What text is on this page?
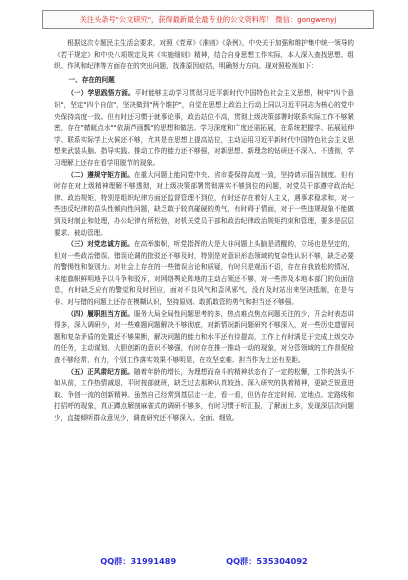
关注头条号"公文研究"，获得最新最全最专业的公文资料库！ 微信：gongwenyj

根据这次专题民主生活会要求，对照《党章》《准则》《条例》，中央关于加强和维护集中统一领导的《若干规定》和中央八项规定及其《实施细则》精神，结合自身思想工作实际，本人深入查找思想、组织、作风和纪律等方面存在的突出问题，找准原因症结，明确努力方向。现对照检视如下：

一、存在的问题

（一）学思践悟方面。平时能够主动学习贯彻习近平新时代中国特色社会主义思想，树牢"四个意识"，坚定"四个自信"，坚决做到"两个维护"，自觉在思想上政治上行动上同以习近平同志为核心的党中央保持高度一致。但有时还习惯于就事论事，政治站位不高，贯彻上级决策部署时联系实际工作不够紧密，存在"蜻蜓点水""依葫芦画瓢"的思想和做法。学习深度和广度还需拓展，在系统把握学、拓展延伸学、联系实际学上火候还不够，尤其是在思想上提高站位，主动运用习近平新时代中国特色社会主义思想来武装头脑、指导实践、推动工作的能力还不够强，对新思想、新理念的钻研还不深入、不透彻，学习理解上还存在看学用脱节的现象。

（二）遵规守矩方面。在重大问题上能同党中央、省市委保持高度一致，坚持请示报告制度。但有时存在对上级精神理解不够透彻，对上级决策部署贯彻落实不够到位的问题，对党员干部遵守政治纪律、政治规矩，特别是组织纪律方面还监督管理不到位，有时还存在着好人主义，遇事求稳求和，对一些违反纪律的苗头性倾向性问题，缺乏敢于较真碰硬的勇气，有时碍于情面，对于一些违规现象不能做到及时制止和处理，办公纪律有所松弛，对机关党员干部和政治纪律政治规矩约束和管理，要多是层层要求、被动管理。

（三）对党忠诚方面。在高举旗帜，听党指挥的大是大非问题上头脑是清醒的，立场也是坚定的，但对一些政治错误、错误论调的批驳还不够及时，特别是对意识形态领域的复杂性认识不够，缺乏必要的警惕性和鉴别力。对社会上存在的一些错误言论和质疑，有时只是观而不语，存在自我放松的情况，未能旗帜鲜明地予以斗争和驳斥，对网络舆论阵地的主动占领还不够，对一些涉及本地本部门的负面信息，有时缺乏应有的警觉和及时回应，面对不良风气和歪风邪气，没有及时站出来坚决抵制，在是与非、对与错的问题上还存在模糊认识，坚持原则、敢抓敢管的勇气和担当还不够强。

（四）履职担当方面。服务大局全局性问题思考的多，热点难点焦点问题关注的少，开会时表态讲得多，深入调研少，对一些难题问题解决不够彻底，对新情况新问题研究不够深入，对一些历史遗留问题和复杂矛盾的处置还不够果断，解决问题的能力和水平还有待提高，工作上有时满足于完成上级交办的任务，主动谋划、大胆创新的意识不够强，有时存在推一推动一动的现象，对分管领域的工作督促检查不够经常、有力，个别工作落实效果不够明显，在攻坚克难、担当作为上还有差距。

（五）正风肃纪方面。随着年龄的增长，为理想而奋斗的精神状态有了一定的松懈，工作的劲头不如从前，工作热情减退，平时按部就班，缺乏过去那种认真较劲、深入研究的执着精神，更缺乏锐意进取、争创一流的创新精神。虽然自己经常到基层走一走，看一看，但仍存在定时间、定地点、定路线和打招呼的现象，真正蹲点解剖麻雀式的调研不够多，有时习惯于听汇报，了解面上多，发现深层次问题少，直接倾听群众意见少，调查研究还不够深入、全面、细致。

QQ群：31991489	QQ群：535304092
